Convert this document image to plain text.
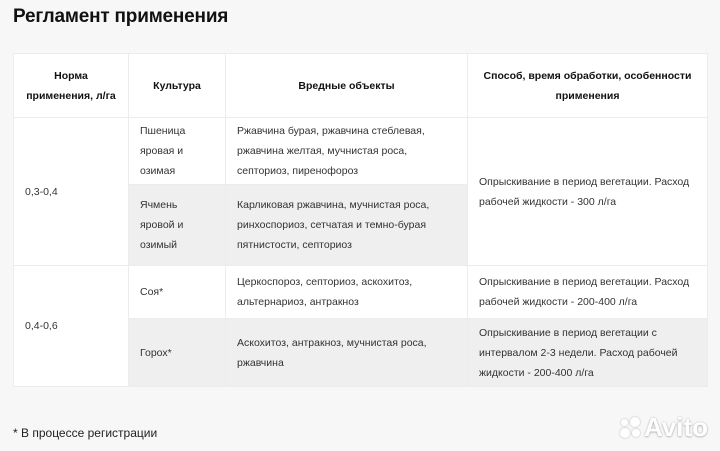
Регламент применения
Норма применения, л/га	Культура	Вредные объекты	Способ, время обработки, особенности применения
0,3-0,4	Пшеница яровая и озимая	Ржавчина бурая, ржавчина стеблевая, ржавчина желтая, мучнистая роса, септориоз, пиренофороз	Опрыскивание в период вегетации. Расход рабочей жидкости - 300 л/га
	Ячмень яровой и озимый	Карликовая ржавчина, мучнистая роса, ринхоспориоз, сетчатая и темно-бурая пятнистости, септориоз	
0,4-0,6	Соя*	Церкоспороз, септориоз, аскохитоз, альтернариоз, антракноз	Опрыскивание в период вегетации. Расход рабочей жидкости - 200-400 л/га
	Горох*	Аскохитоз, антракноз, мучнистая роса, ржавчина	Опрыскивание в период вегетации с интервалом 2-3 недели. Расход рабочей жидкости - 200-400 л/га
* В процессе регистрации	Avito
